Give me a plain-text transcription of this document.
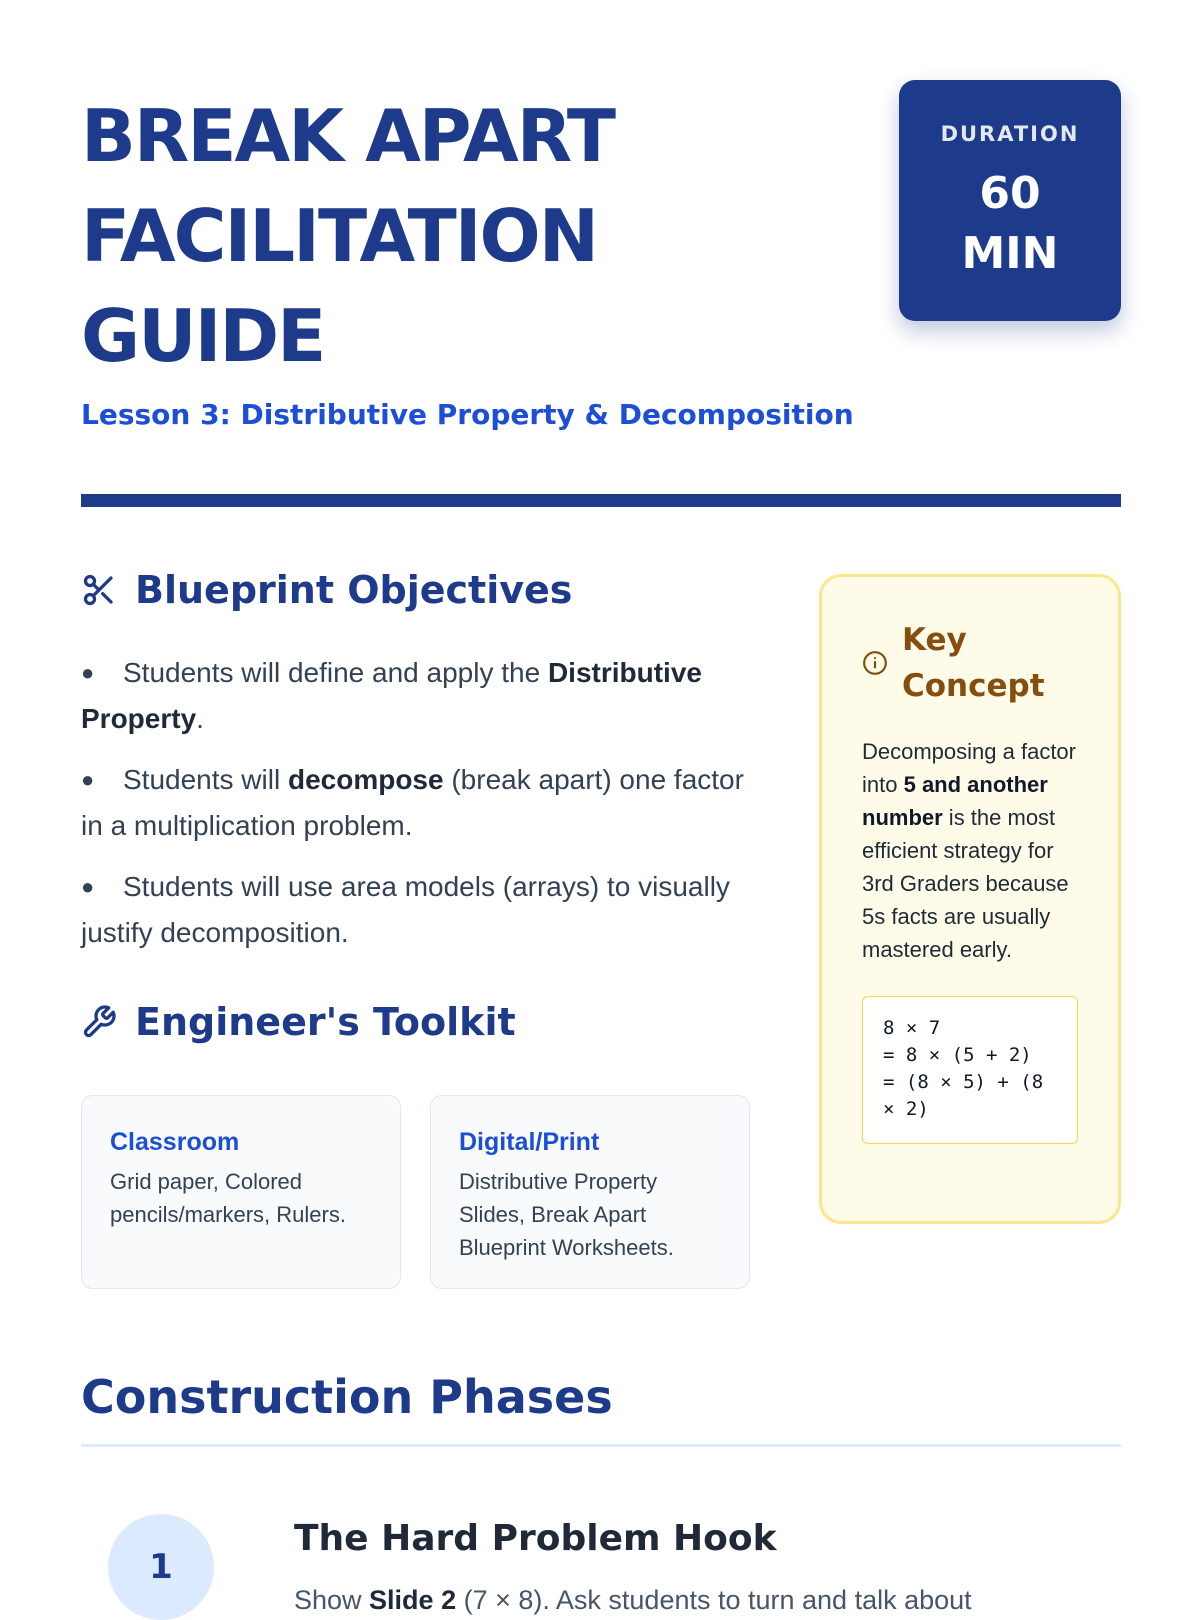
BREAK APART
FACILITATION
GUIDE
DURATION
60 MIN

Lesson 3: Distributive Property & Decomposition

Blueprint Objectives
● Students will define and apply the Distributive Property.
● Students will decompose (break apart) one factor in a multiplication problem.
● Students will use area models (arrays) to visually justify decomposition.
Engineer's Toolkit
Classroom
Grid paper, Colored pencils/markers, Rulers.
Digital/Print
Distributive Property Slides, Break Apart Blueprint Worksheets.
Key Concept
Decomposing a factor into 5 and another number is the most efficient strategy for 3rd Graders because 5s facts are usually mastered early.
8 × 7
= 8 × (5 + 2)
= (8 × 5) + (8 × 2)
Construction Phases
1
The Hard Problem Hook
Show Slide 2 (7 × 8). Ask students to turn and talk about
